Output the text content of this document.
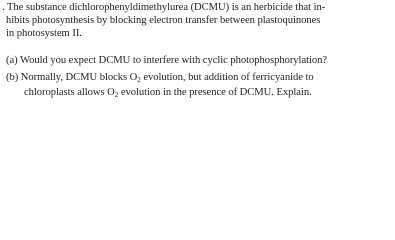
. The substance dichlorophenyldimethylurea (DCMU) is an herbicide that in-
hibits photosynthesis by blocking electron transfer between plastoquinones
in photosystem II.
(a) Would you expect DCMU to interfere with cyclic photophosphorylation?
(b) Normally, DCMU blocks $O_2$ evolution, but addition of ferricyanide to
chloroplasts allows $O_2$ evolution in the presence of DCMU. Explain.
